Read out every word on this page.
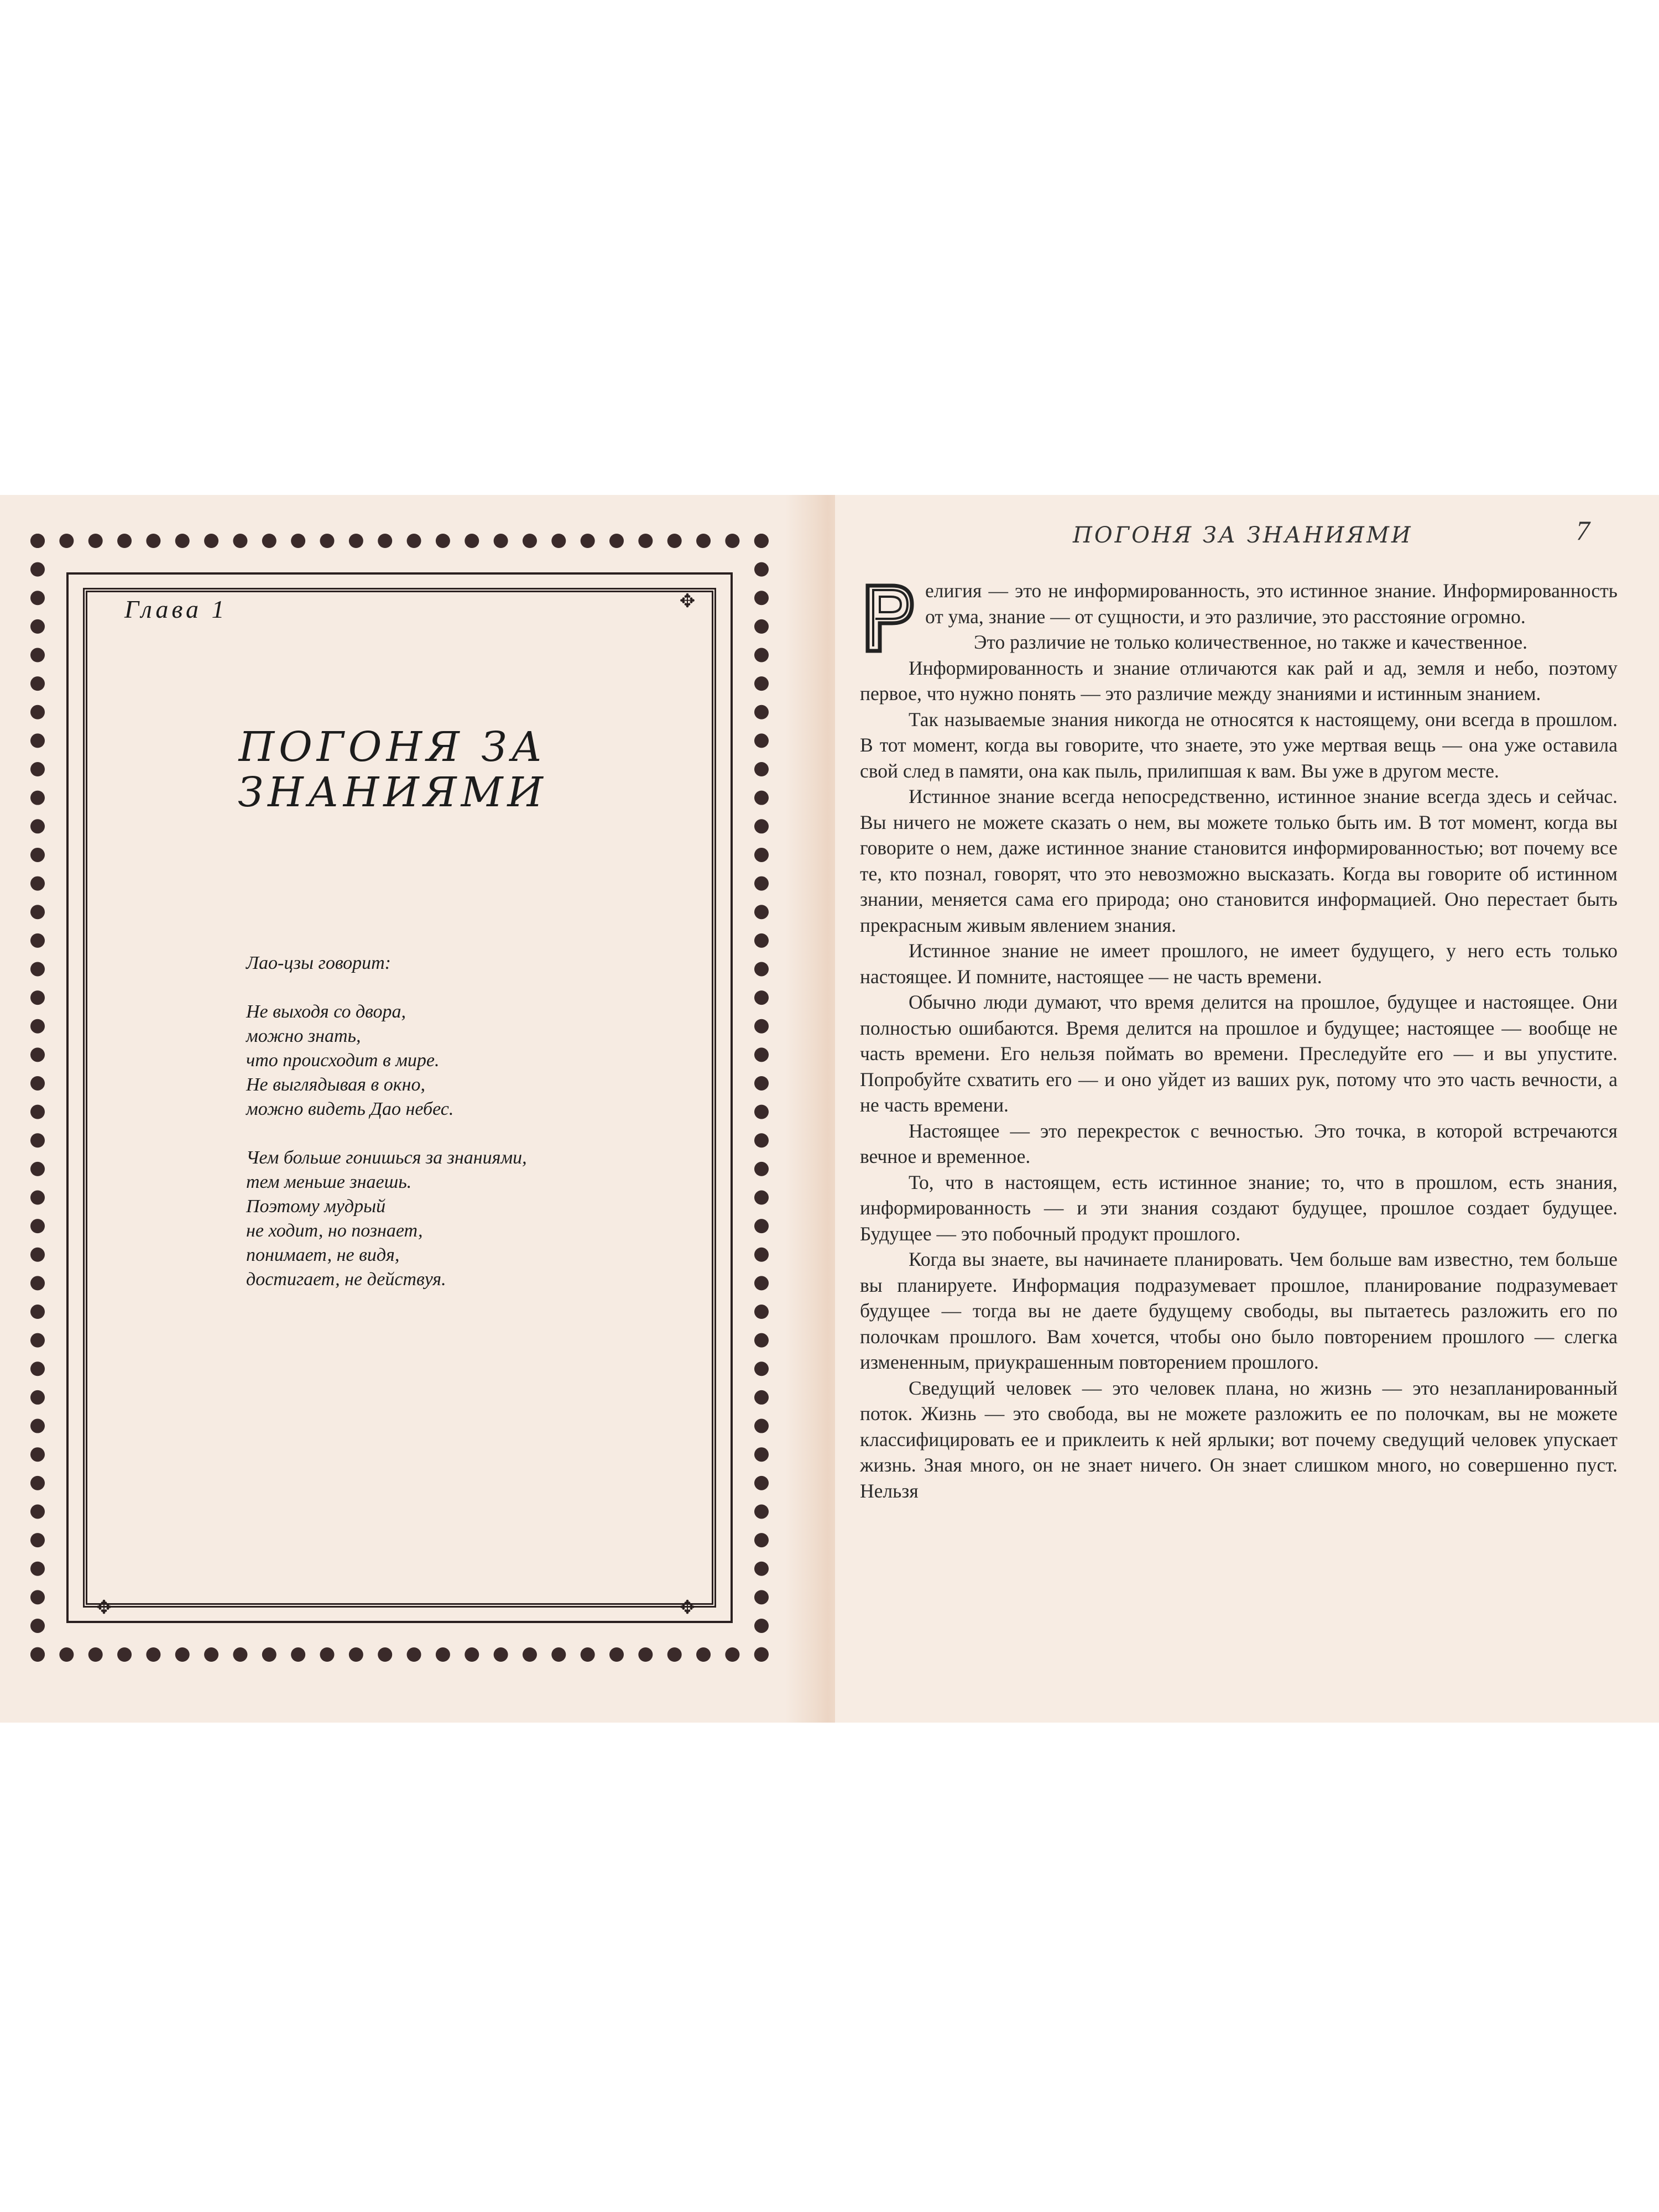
✥
✥	✥
Глава 1
ПОГОНЯ ЗА
ЗНАНИЯМИ

Лао-цзы говорит:

Не выходя со двора,

можно знать,

что происходит в мире.

Не выглядывая в окно,

можно видеть Дао небес.

Чем больше гонишься за знаниями,

тем меньше знаешь.

Поэтому мудрый

не ходит, но познает,

понимает, не видя,

достигает, не действуя.

ПОГОНЯ ЗА ЗНАНИЯМИ	7

Р
елигия — это не информированность, это истинное знание. Информированность от ума, знание — от сущности, и это различие, это расстояние огромно.

Это различие не только количественное, но также и качественное.

Информированность и знание отличаются как рай и ад, земля и небо, поэтому первое, что нужно понять — это различие между знаниями и истинным знанием.

Так называемые знания никогда не относятся к настоящему, они всегда в прошлом. В тот момент, когда вы говорите, что знаете, это уже мертвая вещь — она уже оставила свой след в памяти, она как пыль, прилипшая к вам. Вы уже в другом месте.

Истинное знание всегда непосредственно, истинное знание всегда здесь и сейчас. Вы ничего не можете сказать о нем, вы можете только быть им. В тот момент, когда вы говорите о нем, даже истинное знание становится информированностью; вот почему все те, кто познал, говорят, что это невозможно высказать. Когда вы говорите об истинном знании, меняется сама его природа; оно становится информацией. Оно перестает быть прекрасным живым явлением знания.

Истинное знание не имеет прошлого, не имеет будущего, у него есть только настоящее. И помните, настоящее — не часть времени.

Обычно люди думают, что время делится на прошлое, будущее и настоящее. Они полностью ошибаются. Время делится на прошлое и будущее; настоящее — вообще не часть времени. Его нельзя поймать во времени. Преследуйте его — и вы упустите. Попробуйте схватить его — и оно уйдет из ваших рук, потому что это часть вечности, а не часть времени.

Настоящее — это перекресток с вечностью. Это точка, в которой встречаются вечное и временное.

То, что в настоящем, есть истинное знание; то, что в прошлом, есть знания, информированность — и эти знания создают будущее, прошлое создает будущее. Будущее — это побочный продукт прошлого.

Когда вы знаете, вы начинаете планировать. Чем больше вам известно, тем больше вы планируете. Информация подразумевает прошлое, планирование подразумевает будущее — тогда вы не даете будущему свободы, вы пытаетесь разложить его по полочкам прошлого. Вам хочется, чтобы оно было повторением прошлого — слегка измененным, приукрашенным повторением прошлого.

Сведущий человек — это человек плана, но жизнь — это незапланированный поток. Жизнь — это свобода, вы не можете разложить ее по полочкам, вы не можете классифицировать ее и приклеить к ней ярлыки; вот почему сведущий человек упускает жизнь. Зная много, он не знает ничего. Он знает слишком много, но совершенно пуст. Нельзя
